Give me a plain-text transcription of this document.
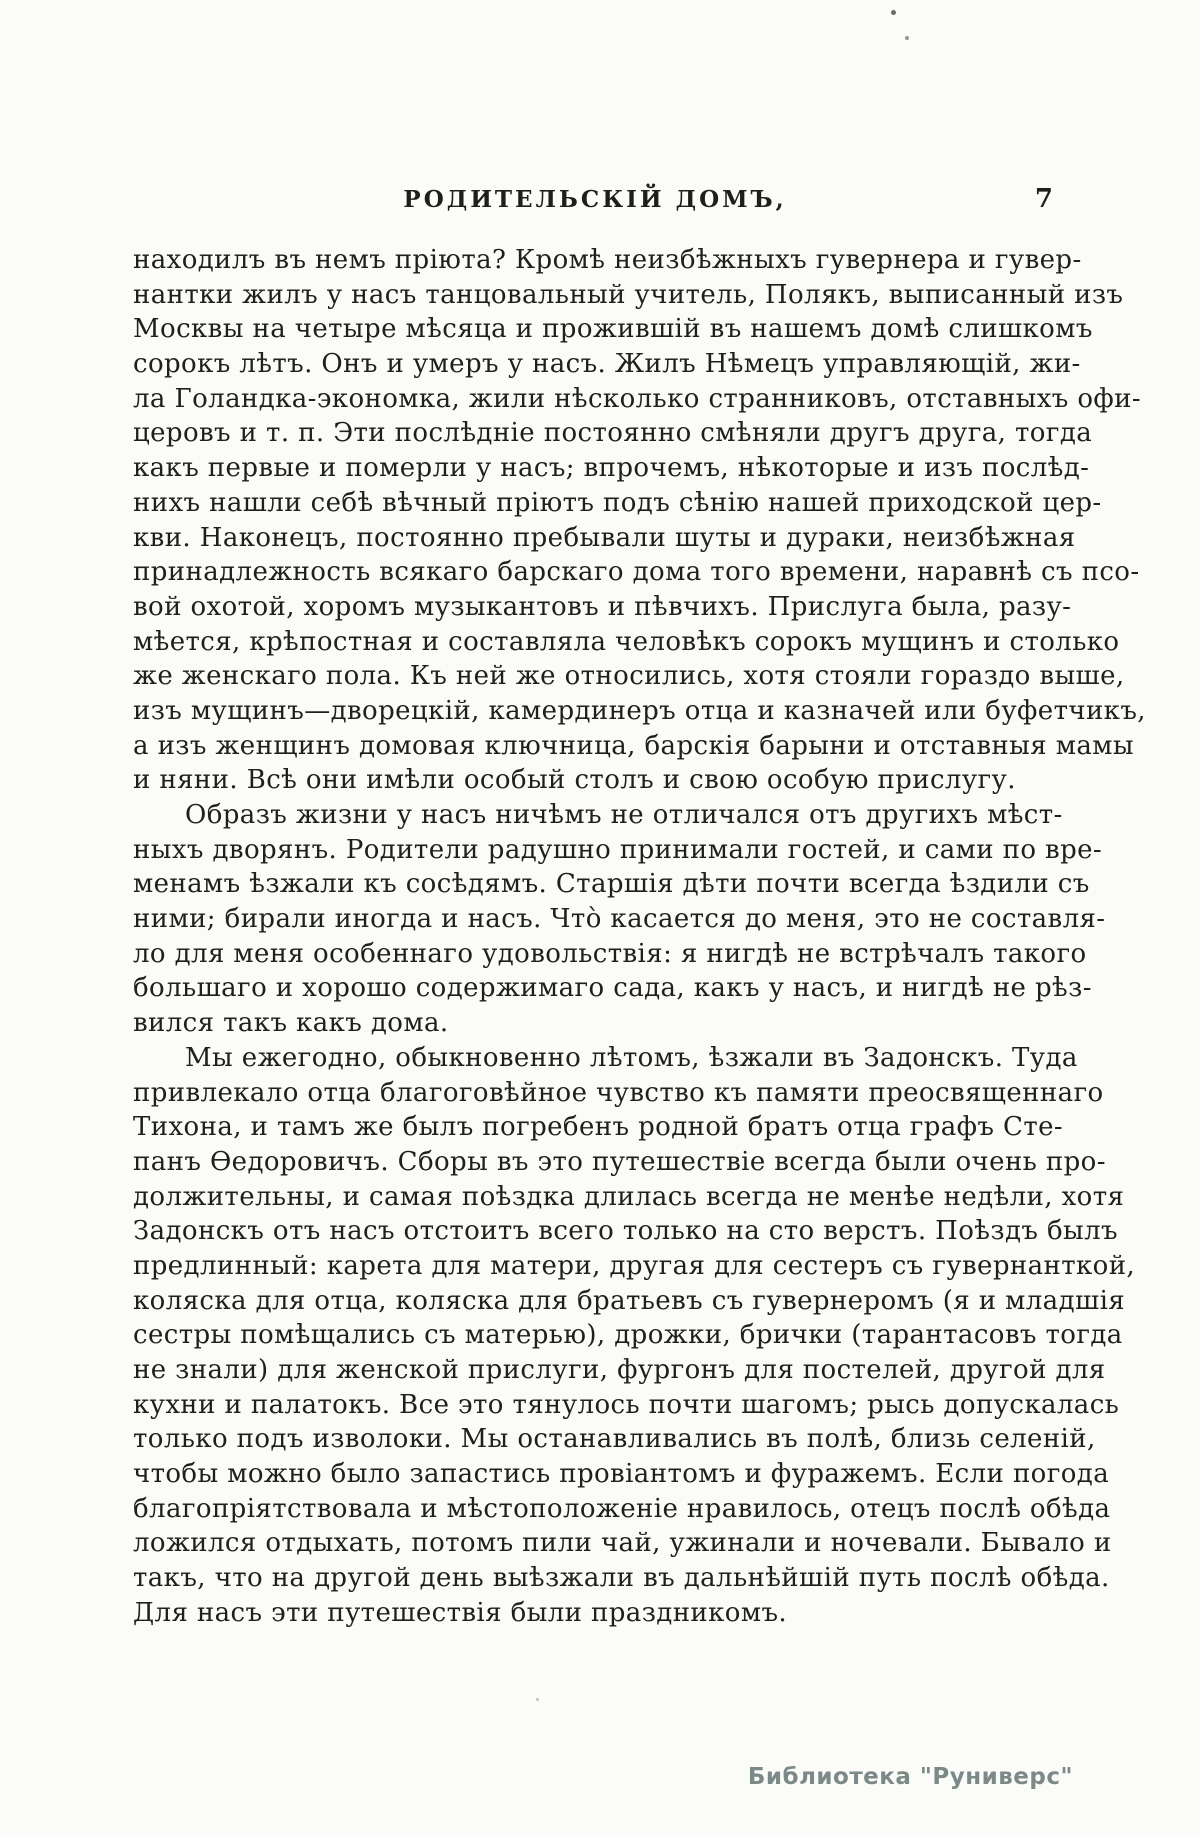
РОДИТЕЛЬСКІЙ ДОМЪ,	7
находилъ въ немъ пріюта? Кромѣ неизбѣжныхъ гувернера и гувер-
нантки жилъ у насъ танцовальный учитель, Полякъ, выписанный изъ
Москвы на четыре мѣсяца и прожившій въ нашемъ домѣ слишкомъ
сорокъ лѣтъ. Онъ и умеръ у насъ. Жилъ Нѣмецъ управляющій, жи-
ла Голандка-экономка, жили нѣсколько странниковъ, отставныхъ офи-
церовъ и т. п. Эти послѣдніе постоянно смѣняли другъ друга, тогда
какъ первые и померли у насъ; впрочемъ, нѣкоторые и изъ послѣд-
нихъ нашли себѣ вѣчный пріютъ подъ сѣнію нашей приходской цер-
кви. Наконецъ, постоянно пребывали шуты и дураки, неизбѣжная
принадлежность всякаго барскаго дома того времени, наравнѣ съ псо-
вой охотой, хоромъ музыкантовъ и пѣвчихъ. Прислуга была, разу-
мѣется, крѣпостная и составляла человѣкъ сорокъ мущинъ и столько
же женскаго пола. Къ ней же относились, хотя стояли гораздо выше,
изъ мущинъ—дворецкій, камердинеръ отца и казначей или буфетчикъ,
а изъ женщинъ домовая ключница, барскія барыни и отставныя мамы
и няни. Всѣ они имѣли особый столъ и свою особую прислугу.
Образъ жизни у насъ ничѣмъ не отличался отъ другихъ мѣст-
ныхъ дворянъ. Родители радушно принимали гостей, и сами по вре-
менамъ ѣзжали къ сосѣдямъ. Старшія дѣти почти всегда ѣздили съ
ними; бирали иногда и насъ. Что̀ касается до меня, это не составля-
ло для меня особеннаго удовольствія: я нигдѣ не встрѣчалъ такого
большаго и хорошо содержимаго сада, какъ у насъ, и нигдѣ не рѣз-
вился такъ какъ дома.
Мы ежегодно, обыкновенно лѣтомъ, ѣзжали въ Задонскъ. Туда
привлекало отца благоговѣйное чувство къ памяти преосвященнаго
Тихона, и тамъ же былъ погребенъ родной братъ отца графъ Сте-
панъ Ѳедоровичъ. Сборы въ это путешествіе всегда были очень про-
должительны, и самая поѣздка длилась всегда не менѣе недѣли, хотя
Задонскъ отъ насъ отстоитъ всего только на сто верстъ. Поѣздъ былъ
предлинный: карета для матери, другая для сестеръ съ гувернанткой,
коляска для отца, коляска для братьевъ съ гувернеромъ (я и младшія
сестры помѣщались съ матерью), дрожки, брички (тарантасовъ тогда
не знали) для женской прислуги, фургонъ для постелей, другой для
кухни и палатокъ. Все это тянулось почти шагомъ; рысь допускалась
только подъ изволоки. Мы останавливались въ полѣ, близь селеній,
чтобы можно было запастись провіантомъ и фуражемъ. Если погода
благопріятствовала и мѣстоположеніе нравилось, отецъ послѣ обѣда
ложился отдыхать, потомъ пили чай, ужинали и ночевали. Бывало и
такъ, что на другой день выѣзжали въ дальнѣйшій путь послѣ обѣда.
Для насъ эти путешествія были праздникомъ.
Библиотека "Руниверс"
